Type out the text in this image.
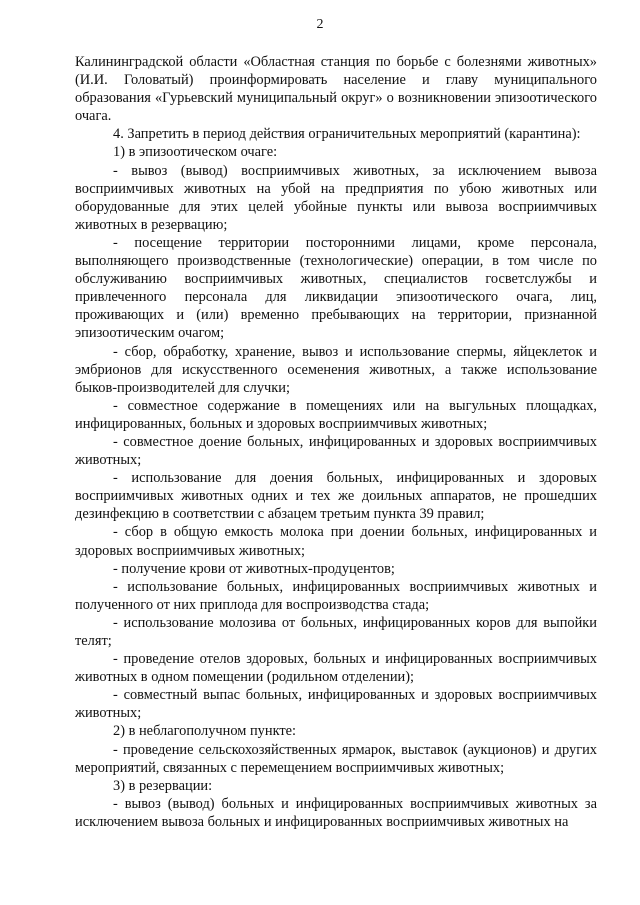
2

Калининградской области «Областная станция по борьбе с болезнями животных» (И.И. Головатый) проинформировать население и главу муниципального образования «Гурьевский муниципальный округ» о возникновении эпизоотического очага.

4. Запретить в период действия ограничительных мероприятий (карантина):

1) в эпизоотическом очаге:

- вывоз (вывод) восприимчивых животных, за исключением вывоза восприимчивых животных на убой на предприятия по убою животных или оборудованные для этих целей убойные пункты или вывоза восприимчивых животных в резервацию;

- посещение территории посторонними лицами, кроме персонала, выполняющего производственные (технологические) операции, в том числе по обслуживанию восприимчивых животных, специалистов госветслужбы и привлеченного персонала для ликвидации эпизоотического очага, лиц, проживающих и (или) временно пребывающих на территории, признанной эпизоотическим очагом;

- сбор, обработку, хранение, вывоз и использование спермы, яйцеклеток и эмбрионов для искусственного осеменения животных, а также использование быков-производителей для случки;

- совместное содержание в помещениях или на выгульных площадках, инфицированных, больных и здоровых восприимчивых животных;

- совместное доение больных, инфицированных и здоровых восприимчивых животных;

- использование для доения больных, инфицированных и здоровых восприимчивых животных одних и тех же доильных аппаратов, не прошедших дезинфекцию в соответствии с абзацем третьим пункта 39 правил;

- сбор в общую емкость молока при доении больных, инфицированных и здоровых восприимчивых животных;

- получение крови от животных-продуцентов;

- использование больных, инфицированных восприимчивых животных и полученного от них приплода для воспроизводства стада;

- использование молозива от больных, инфицированных коров для выпойки телят;

- проведение отелов здоровых, больных и инфицированных восприимчивых животных в одном помещении (родильном отделении);

- совместный выпас больных, инфицированных и здоровых восприимчивых животных;

2) в неблагополучном пункте:

- проведение сельскохозяйственных ярмарок, выставок (аукционов) и других мероприятий, связанных с перемещением восприимчивых животных;

3) в резервации:

- вывоз (вывод) больных и инфицированных восприимчивых животных за исключением вывоза больных и инфицированных восприимчивых животных на
